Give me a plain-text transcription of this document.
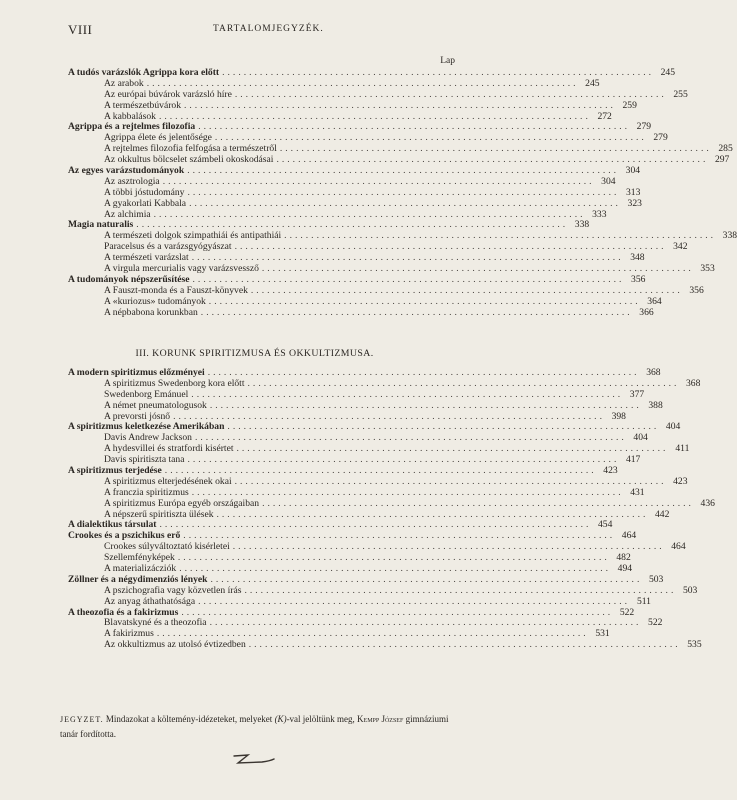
VIII	TARTALOMJEGYZÉK.
Lap
A tudós varázslók Agrippa kora előtt ................................................................................ 245
Az arabok ................................................................................ 245
Az európai búvárok varázsló híre ................................................................................ 255
A természetbúvárok ................................................................................ 259
A kabbalások ................................................................................ 272
Agrippa és a rejtelmes filozofia ................................................................................ 279
Agrippa élete és jelentősége ................................................................................ 279
A rejtelmes filozofia felfogása a természetről ................................................................................ 285
Az okkultus bölcselet számbeli okoskodásai ................................................................................ 297
Az egyes varázstudományok ................................................................................ 304
Az asztrologia ................................................................................ 304
A többi jóstudomány ................................................................................ 313
A gyakorlati Kabbala ................................................................................ 323
Az alchimia ................................................................................ 333
Magia naturalis ................................................................................ 338
A természeti dolgok szimpathiái és antipathiái ................................................................................ 338
Paracelsus és a varázsgyógyászat ................................................................................ 342
A természeti varázslat ................................................................................ 348
A virgula mercurialis vagy varázsvessző ................................................................................ 353
A tudományok népszerűsítése ................................................................................ 356
A Fauszt-monda és a Fauszt-könyvek ................................................................................ 356
A «kuriozus» tudományok ................................................................................ 364
A népbabona korunkban ................................................................................ 366
III. KORUNK SPIRITIZMUSA ÉS OKKULTIZMUSA.
A modern spiritizmus előzményei ................................................................................ 368
A spiritizmus Swedenborg kora előtt ................................................................................ 368
Swedenborg Emánuel ................................................................................ 377
A német pneumatologusok ................................................................................ 388
A prevorsti jósnő ................................................................................ 398
A spiritizmus keletkezése Amerikában ................................................................................ 404
Davis Andrew Jackson ................................................................................ 404
A hydesvillei és stratfordi kisértet ................................................................................ 411
Davis spiritiszta tana ................................................................................ 417
A spiritizmus terjedése ................................................................................ 423
A spiritizmus elterjedésének okai ................................................................................ 423
A franczia spiritizmus ................................................................................ 431
A spiritizmus Európa egyéb országaiban ................................................................................ 436
A népszerű spiritiszta ülések ................................................................................ 442
A dialektikus társulat ................................................................................ 454
Crookes és a pszichikus erő ................................................................................ 464
Crookes súlyváltoztató kisérletei ................................................................................ 464
Szellemfényképek ................................................................................ 482
A materializácziók ................................................................................ 494
Zöllner és a négydimenziós lények ................................................................................ 503
A pszichografia vagy közvetlen írás ................................................................................ 503
Az anyag áthathatósága ................................................................................ 511
A theozofia és a fakirizmus ................................................................................ 522
Blavatskyné és a theozofia ................................................................................ 522
A fakirizmus ................................................................................ 531
Az okkultizmus az utolsó évtizedben ................................................................................ 535
JEGYZET. Mindazokat a költemény-idézeteket, melyeket (K)-val jelöltünk meg, Kempp József gimnáziumi tanár fordította.
